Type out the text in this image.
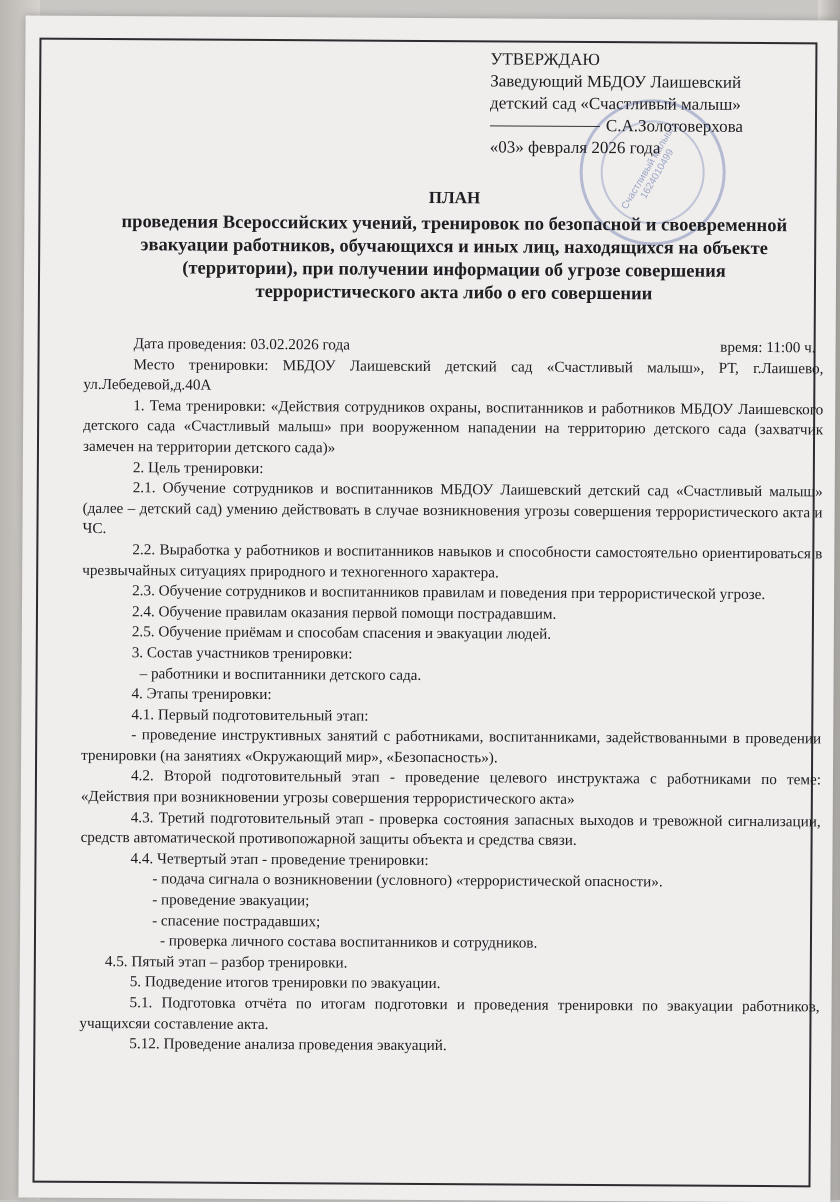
Счастливый малыш 1624010499
УТВЕРЖДАЮ
Заведующий МБДОУ Лаишевский
детский сад «Счастливый малыш»
С.А.Золотоверхова
«03» февраля 2026 года
ПЛАН
проведения Всероссийских учений, тренировок по безопасной и своевременной
эвакуации работников, обучающихся и иных лиц, находящихся на объекте
(территории), при получении информации об угрозе совершения
террористического акта либо о его совершении
Дата проведения: 03.02.2026 года	время: 11:00 ч.

Место тренировки: МБДОУ Лаишевский детский сад «Счастливый малыш», РТ, г.Лаишево, ул.Лебедевой,д.40А

1. Тема тренировки: «Действия сотрудников охраны, воспитанников и работников МБДОУ Лаишевского детского сада «Счастливый малыш» при вооруженном нападении на территорию детского сада (захватчик замечен на территории детского сада)»

2. Цель тренировки:

2.1. Обучение сотрудников и воспитанников МБДОУ Лаишевский детский сад «Счастливый малыш» (далее – детский сад) умению действовать в случае возникновения угрозы совершения террористического акта и ЧС.

2.2. Выработка у работников и воспитанников навыков и способности самостоятельно ориентироваться в чрезвычайных ситуациях природного и техногенного характера.

2.3. Обучение сотрудников и воспитанников правилам и поведения при террористической угрозе.

2.4. Обучение правилам оказания первой помощи пострадавшим.

2.5. Обучение приёмам и способам спасения и эвакуации людей.

3. Состав участников тренировки:

– работники и воспитанники детского сада.

4. Этапы тренировки:

4.1. Первый подготовительный этап:

- проведение инструктивных занятий с работниками, воспитанниками, задействованными в проведении тренировки (на занятиях «Окружающий мир», «Безопасность»).

4.2. Второй подготовительный этап - проведение целевого инструктажа с работниками по теме: «Действия при возникновении угрозы совершения террористического акта»

4.3. Третий подготовительный этап - проверка состояния запасных выходов и тревожной сигнализации, средств автоматической противопожарной защиты объекта и средства связи.

4.4. Четвертый этап - проведение тренировки:

- подача сигнала о возникновении (условного) «террористической опасности».

- проведение эвакуации;

- спасение пострадавших;

- проверка личного состава воспитанников и сотрудников.

4.5. Пятый этап – разбор тренировки.

5. Подведение итогов тренировки по эвакуации.

5.1. Подготовка отчёта по итогам подготовки и проведения тренировки по эвакуации работников, учащихсяи составление акта.

5.12. Проведение анализа проведения эвакуаций.
